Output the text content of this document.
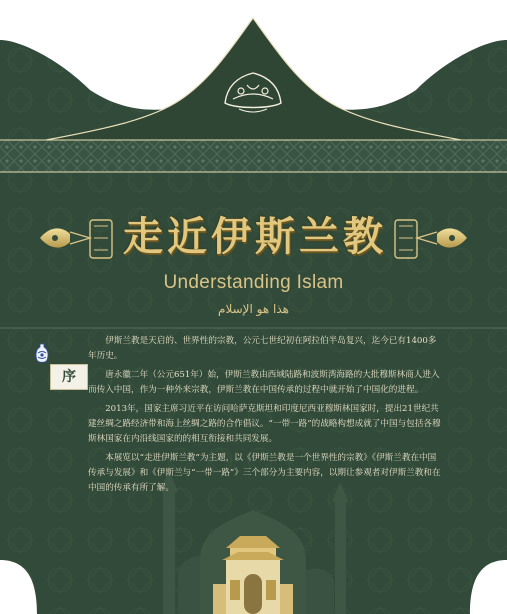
走近伊斯兰教
Understanding Islam
هذا هو الإسلام
序

伊斯兰教是天启的、世界性的宗教，公元七世纪初在阿拉伯半岛复兴，迄今已有1400多年历史。

唐永徽二年（公元651年）始，伊斯兰教由西域陆路和波斯湾海路的大批穆斯林商人进入而传入中国，作为一种外来宗教，伊斯兰教在中国传承的过程中就开始了中国化的进程。

2013年，国家主席习近平在访问哈萨克斯坦和印度尼西亚穆斯林国家时，提出21世纪共建丝绸之路经济带和海上丝绸之路的合作倡议。“一带一路”的战略构想成就了中国与包括各穆斯林国家在内沿线国家的的相互衔接和共同发展。

本展览以“走进伊斯兰教”为主题，以《伊斯兰教是一个世界性的宗教》《伊斯兰教在中国传承与发展》和《伊斯兰与“一带一路”》三个部分为主要内容，以期让参观者对伊斯兰教和在中国的传承有所了解。
